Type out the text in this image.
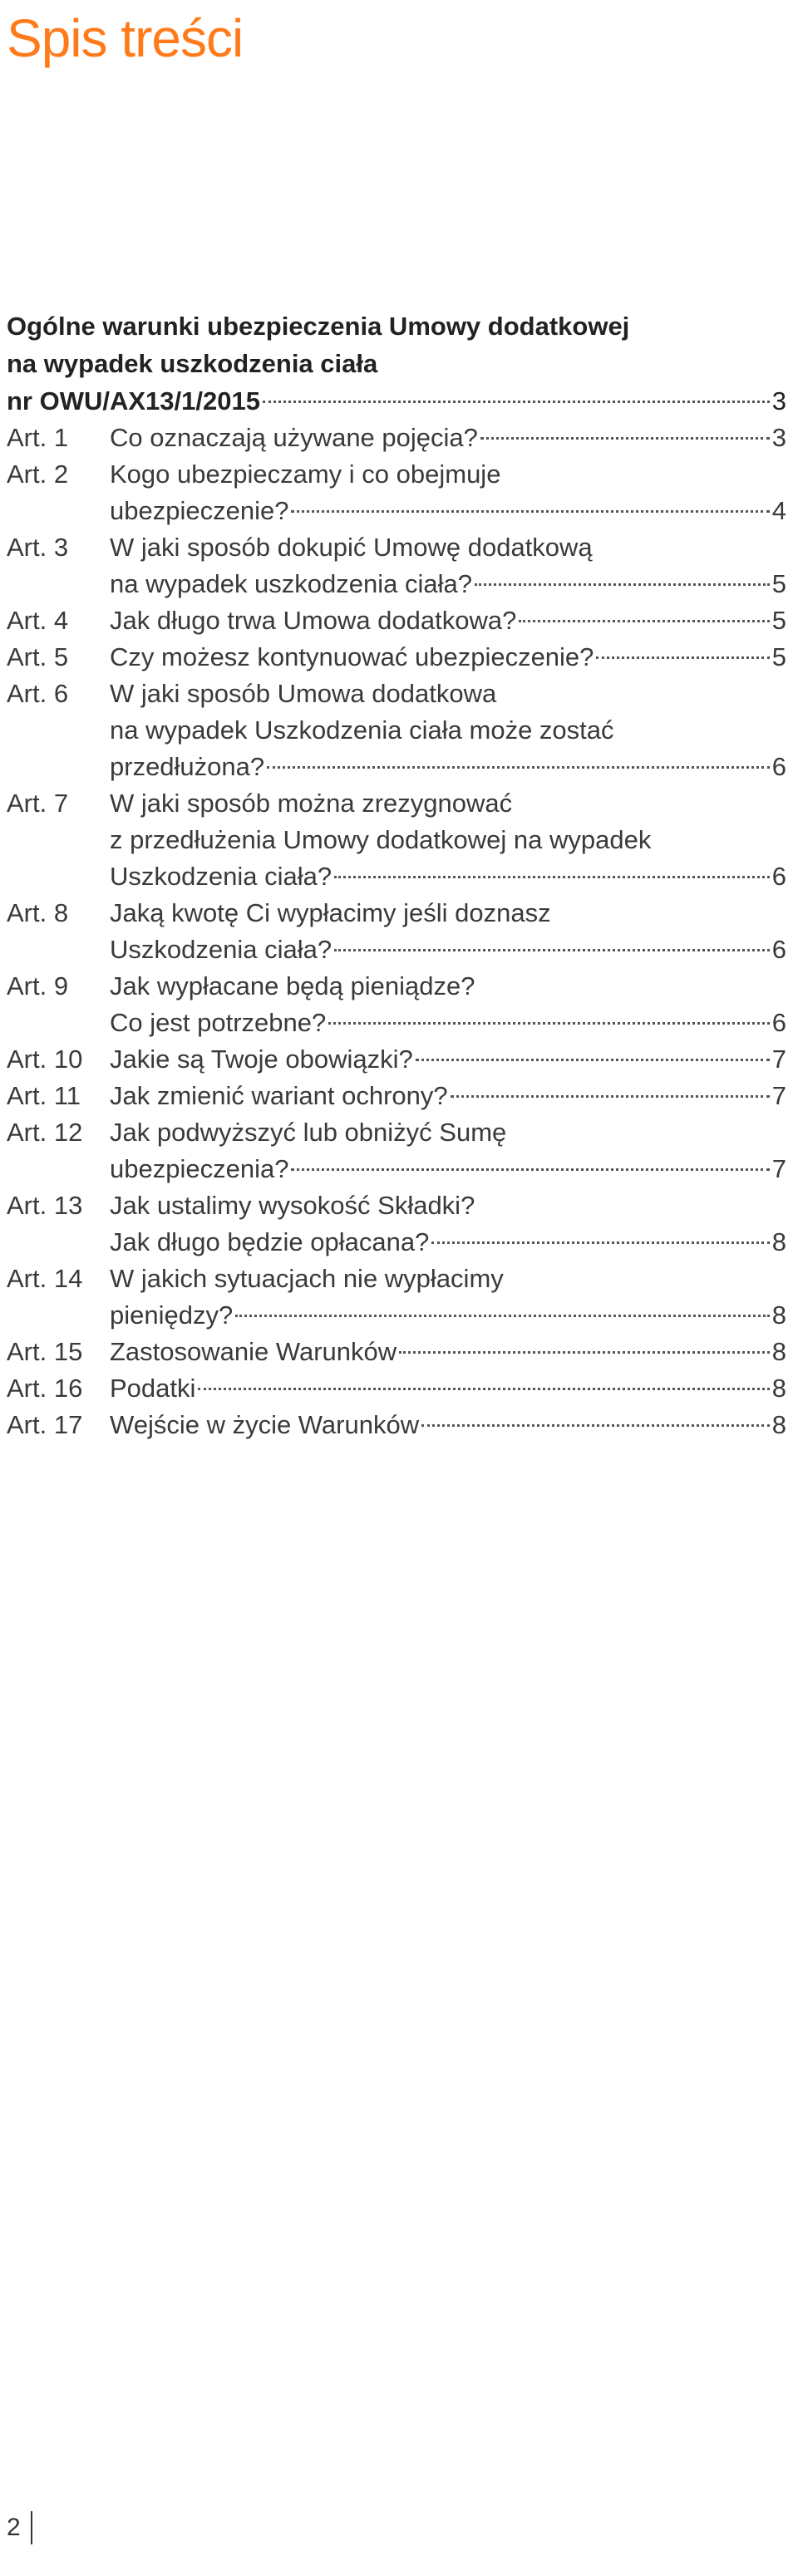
Spis treści
Ogólne warunki ubezpieczenia Umowy dodatkowej
na wypadek uszkodzenia ciała
nr OWU/AX13/1/2015	3
Art. 1	Co oznaczają używane pojęcia?	3
Art. 2	Kogo ubezpieczamy i co obejmuje
ubezpieczenie?	4
Art. 3	W jaki sposób dokupić Umowę dodatkową
na wypadek uszkodzenia ciała?	5
Art. 4	Jak długo trwa Umowa dodatkowa?	5
Art. 5	Czy możesz kontynuować ubezpieczenie?	5
Art. 6	W jaki sposób Umowa dodatkowa
na wypadek Uszkodzenia ciała może zostać
przedłużona?	6
Art. 7	W jaki sposób można zrezygnować
z przedłużenia Umowy dodatkowej na wypadek
Uszkodzenia ciała?	6
Art. 8	Jaką kwotę Ci wypłacimy jeśli doznasz
Uszkodzenia ciała?	6
Art. 9	Jak wypłacane będą pieniądze?
Co jest potrzebne?	6
Art. 10	Jakie są Twoje obowiązki?	7
Art. 11	Jak zmienić wariant ochrony?	7
Art. 12	Jak podwyższyć lub obniżyć Sumę
ubezpieczenia?	7
Art. 13	Jak ustalimy wysokość Składki?
Jak długo będzie opłacana?	8
Art. 14	W jakich sytuacjach nie wypłacimy
pieniędzy?	8
Art. 15	Zastosowanie Warunków	8
Art. 16	Podatki	8
Art. 17	Wejście w życie Warunków	8
2
